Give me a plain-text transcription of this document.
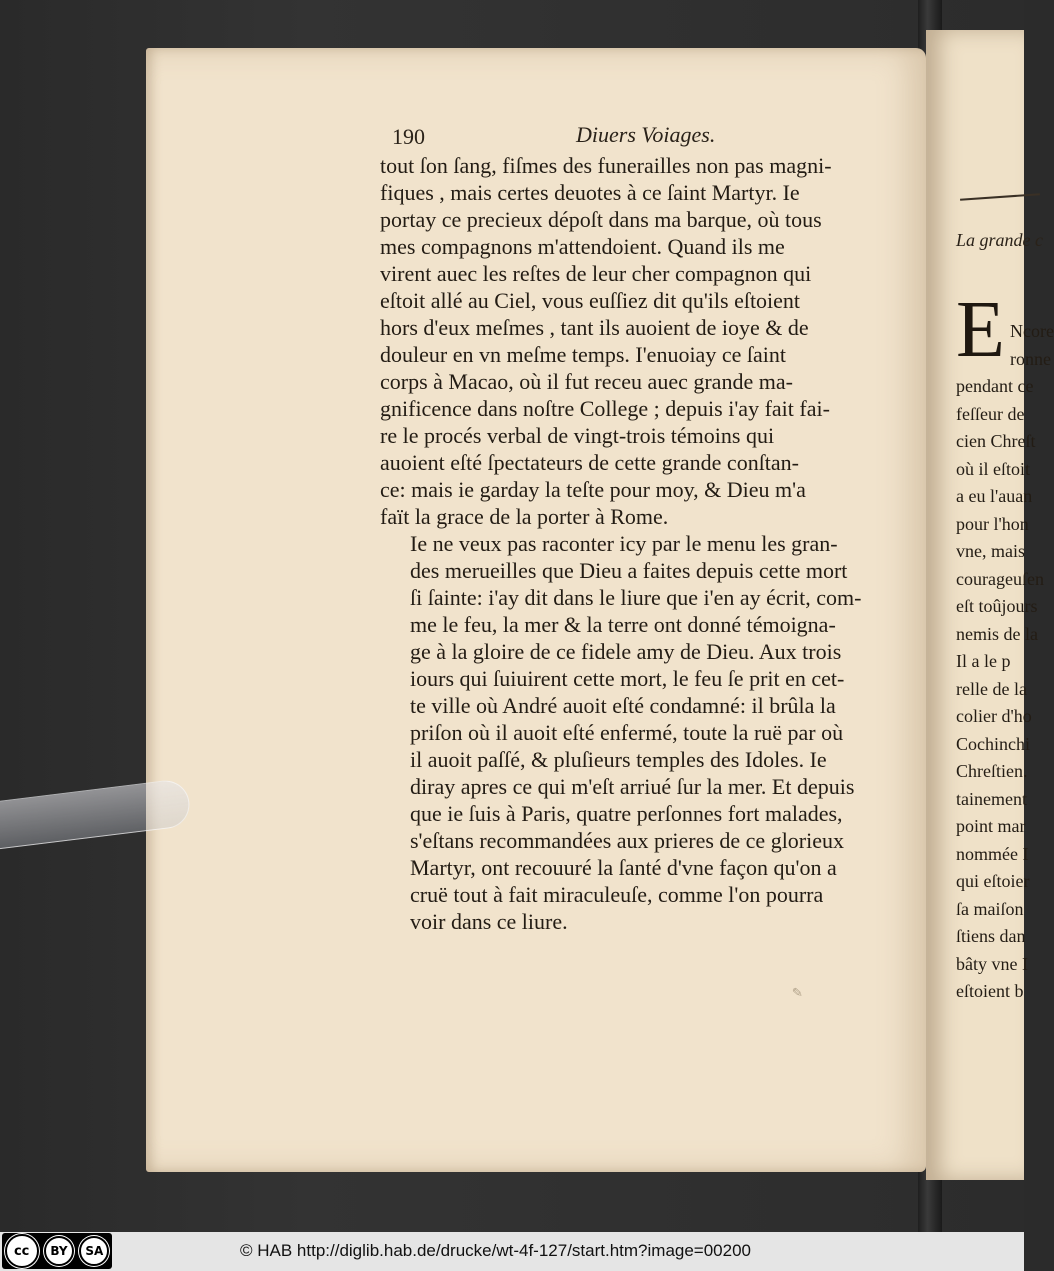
190	Diuers Voiages.
tout ſon ſang, fiſmes des funerailles non pas magni-
fiques , mais certes deuotes à ce ſaint Martyr. Ie
portay ce precieux dépoſt dans ma barque, où tous
mes compagnons m'attendoient. Quand ils me
virent auec les reſtes de leur cher compagnon qui
eſtoit allé au Ciel, vous euſſiez dit qu'ils eſtoient
hors d'eux meſmes , tant ils auoient de ioye & de
douleur en vn meſme temps. I'enuoiay ce ſaint
corps à Macao, où il fut receu auec grande ma-
gnificence dans noſtre College ; depuis i'ay fait fai-
re le procés verbal de vingt-trois témoins qui
auoient eſté ſpectateurs de cette grande conſtan-
ce: mais ie garday la teſte pour moy, & Dieu m'a
faït la grace de la porter à Rome.
Ie ne veux pas raconter icy par le menu les gran-
des merueilles que Dieu a faites depuis cette mort
ſi ſainte: i'ay dit dans le liure que i'en ay écrit, com-
me le feu, la mer & la terre ont donné témoigna-
ge à la gloire de ce fidele amy de Dieu. Aux trois
iours qui ſuiuirent cette mort, le feu ſe prit en cet-
te ville où André auoit eſté condamné: il brûla la
priſon où il auoit eſté enfermé, toute la ruë par où
il auoit paſſé, & pluſieurs temples des Idoles. Ie
diray apres ce qui m'eſt arriué ſur la mer. Et depuis
que ie ſuis à Paris, quatre perſonnes fort malades,
s'eſtans recommandées aux prieres de ce glorieux
Martyr, ont recouuré la ſanté d'vne façon qu'on a
cruë tout à fait miraculeuſe, comme l'on pourra
voir dans ce liure.
✎
La grande c
E Ncore
ronne
pendant ce
feſſeur de
cien Chreſt
où il eſtoit
a eu l'auan
pour l'hon
vne, mais
courageuſen
eſt toûjours
nemis de la
Il a le p
relle de la
colier d'ho
Cochinchi
Chreſtien.
tainement
point mar
nommée I
qui eſtoier
ſa maiſon
ſtiens dan
bâty vne I
eſtoient b
cc	BY	SA	© HAB http://diglib.hab.de/drucke/wt-4f-127/start.htm?image=00200
